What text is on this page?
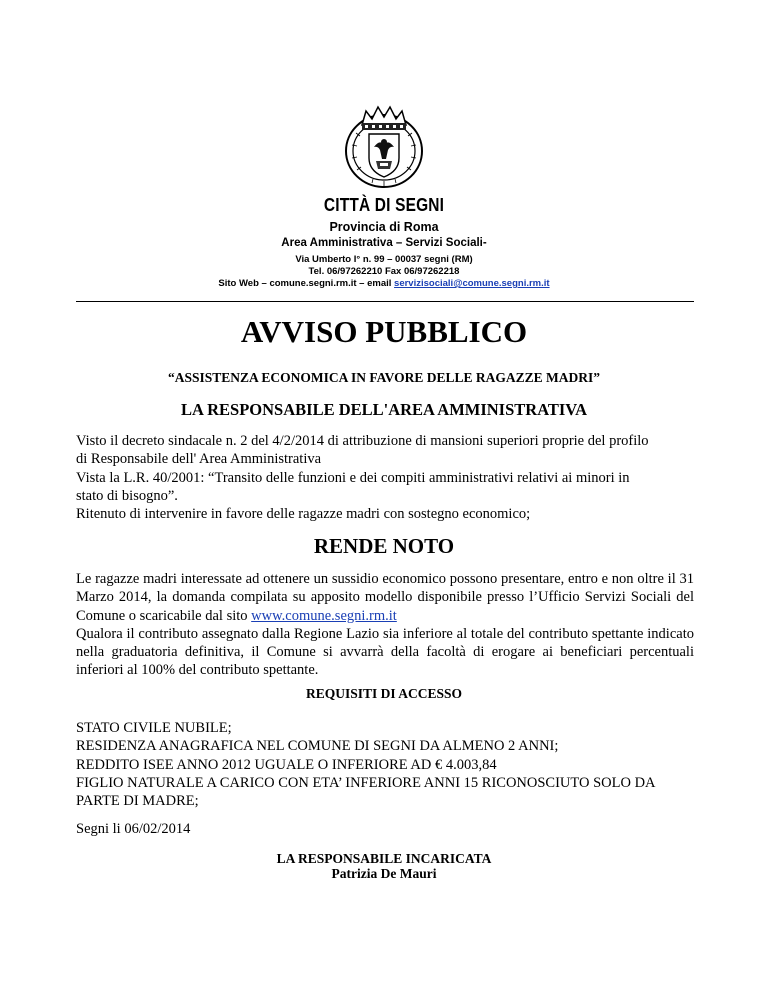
CITTÀ DI SEGNI
Provincia di Roma
Area Amministrativa – Servizi Sociali-
Via Umberto I° n. 99 – 00037 segni (RM)
Tel. 06/97262210 Fax 06/97262218
Sito Web – comune.segni.rm.it – email servizisociali@comune.segni.rm.it
AVVISO PUBBLICO
“ASSISTENZA ECONOMICA IN FAVORE DELLE RAGAZZE MADRI”
LA RESPONSABILE DELL'AREA AMMINISTRATIVA
Visto il decreto sindacale n. 2 del 4/2/2014 di attribuzione di mansioni superiori proprie del profilo
di Responsabile dell' Area Amministrativa
Vista la L.R. 40/2001: “Transito delle funzioni e dei compiti amministrativi relativi ai minori in
stato di bisogno”.
Ritenuto di intervenire in favore delle ragazze madri con sostegno economico;
RENDE NOTO
Le ragazze madri interessate ad ottenere un sussidio economico possono presentare, entro e non oltre il 31 Marzo 2014, la domanda compilata su apposito modello disponibile presso l’Ufficio Servizi Sociali del Comune o scaricabile dal sito www.comune.segni.rm.it
Qualora il contributo assegnato dalla Regione Lazio sia inferiore al totale del contributo spettante indicato nella graduatoria definitiva, il Comune si avvarrà della facoltà di erogare ai beneficiari percentuali inferiori al 100% del contributo spettante.
REQUISITI DI ACCESSO
STATO CIVILE NUBILE;
RESIDENZA ANAGRAFICA NEL COMUNE DI SEGNI DA ALMENO 2 ANNI;
REDDITO ISEE ANNO 2012 UGUALE O INFERIORE AD € 4.003,84
FIGLIO NATURALE A CARICO CON ETA’ INFERIORE ANNI 15 RICONOSCIUTO SOLO DA
PARTE DI MADRE;
Segni li 06/02/2014
LA RESPONSABILE INCARICATA
Patrizia De Mauri
